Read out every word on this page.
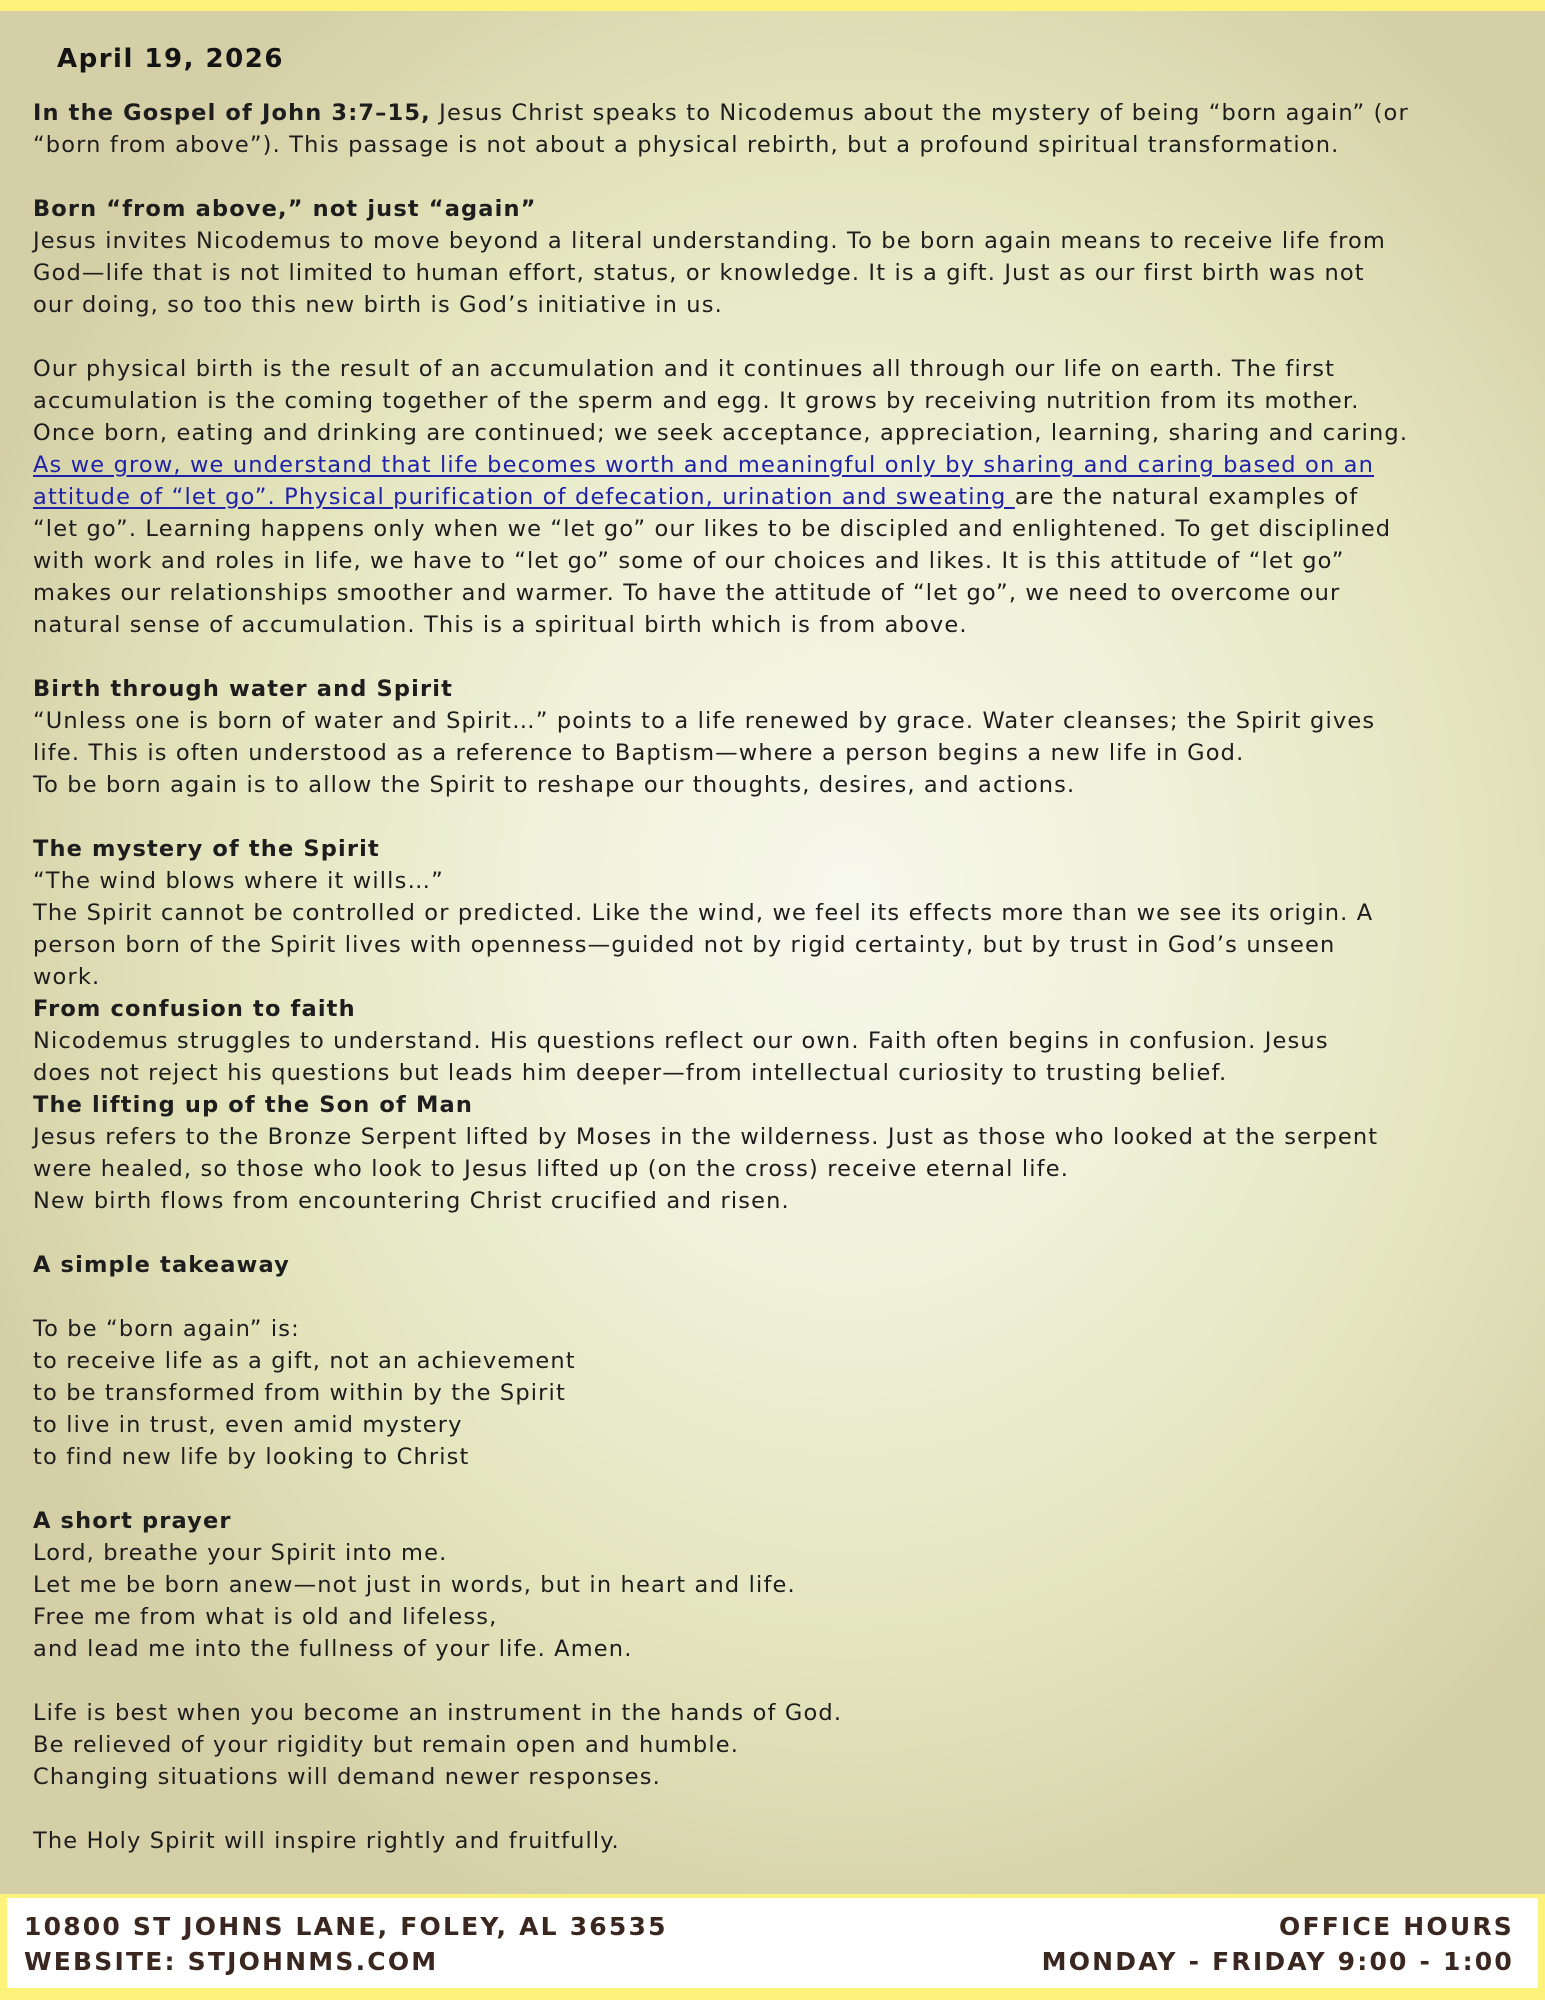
April 19, 2026
In the Gospel of John 3:7–15, Jesus Christ speaks to Nicodemus about the mystery of being “born again” (or
“born from above”). This passage is not about a physical rebirth, but a profound spiritual transformation.
Born “from above,” not just “again”
Jesus invites Nicodemus to move beyond a literal understanding. To be born again means to receive life from
God—life that is not limited to human effort, status, or knowledge. It is a gift. Just as our first birth was not
our doing, so too this new birth is God’s initiative in us.
Our physical birth is the result of an accumulation and it continues all through our life on earth. The first
accumulation is the coming together of the sperm and egg. It grows by receiving nutrition from its mother.
Once born, eating and drinking are continued; we seek acceptance, appreciation, learning, sharing and caring.
As we grow, we understand that life becomes worth and meaningful only by sharing and caring based on an
attitude of “let go”. Physical purification of defecation, urination and sweating are the natural examples of
“let go”. Learning happens only when we “let go” our likes to be discipled and enlightened. To get disciplined
with work and roles in life, we have to “let go” some of our choices and likes. It is this attitude of “let go”
makes our relationships smoother and warmer. To have the attitude of “let go”, we need to overcome our
natural sense of accumulation. This is a spiritual birth which is from above.
Birth through water and Spirit
“Unless one is born of water and Spirit…” points to a life renewed by grace. Water cleanses; the Spirit gives
life. This is often understood as a reference to Baptism—where a person begins a new life in God.
To be born again is to allow the Spirit to reshape our thoughts, desires, and actions.
The mystery of the Spirit
“The wind blows where it wills…”
The Spirit cannot be controlled or predicted. Like the wind, we feel its effects more than we see its origin. A
person born of the Spirit lives with openness—guided not by rigid certainty, but by trust in God’s unseen
work.
From confusion to faith
Nicodemus struggles to understand. His questions reflect our own. Faith often begins in confusion. Jesus
does not reject his questions but leads him deeper—from intellectual curiosity to trusting belief.
The lifting up of the Son of Man
Jesus refers to the Bronze Serpent lifted by Moses in the wilderness. Just as those who looked at the serpent
were healed, so those who look to Jesus lifted up (on the cross) receive eternal life.
New birth flows from encountering Christ crucified and risen.
A simple takeaway
To be “born again” is:
to receive life as a gift, not an achievement
to be transformed from within by the Spirit
to live in trust, even amid mystery
to find new life by looking to Christ
A short prayer
Lord, breathe your Spirit into me.
Let me be born anew—not just in words, but in heart and life.
Free me from what is old and lifeless,
and lead me into the fullness of your life. Amen.
Life is best when you become an instrument in the hands of God.
Be relieved of your rigidity but remain open and humble.
Changing situations will demand newer responses.
The Holy Spirit will inspire rightly and fruitfully.
10800 ST JOHNS LANE, FOLEY, AL 36535
WEBSITE: STJOHNMS.COM
OFFICE HOURS
MONDAY - FRIDAY 9:00 - 1:00
